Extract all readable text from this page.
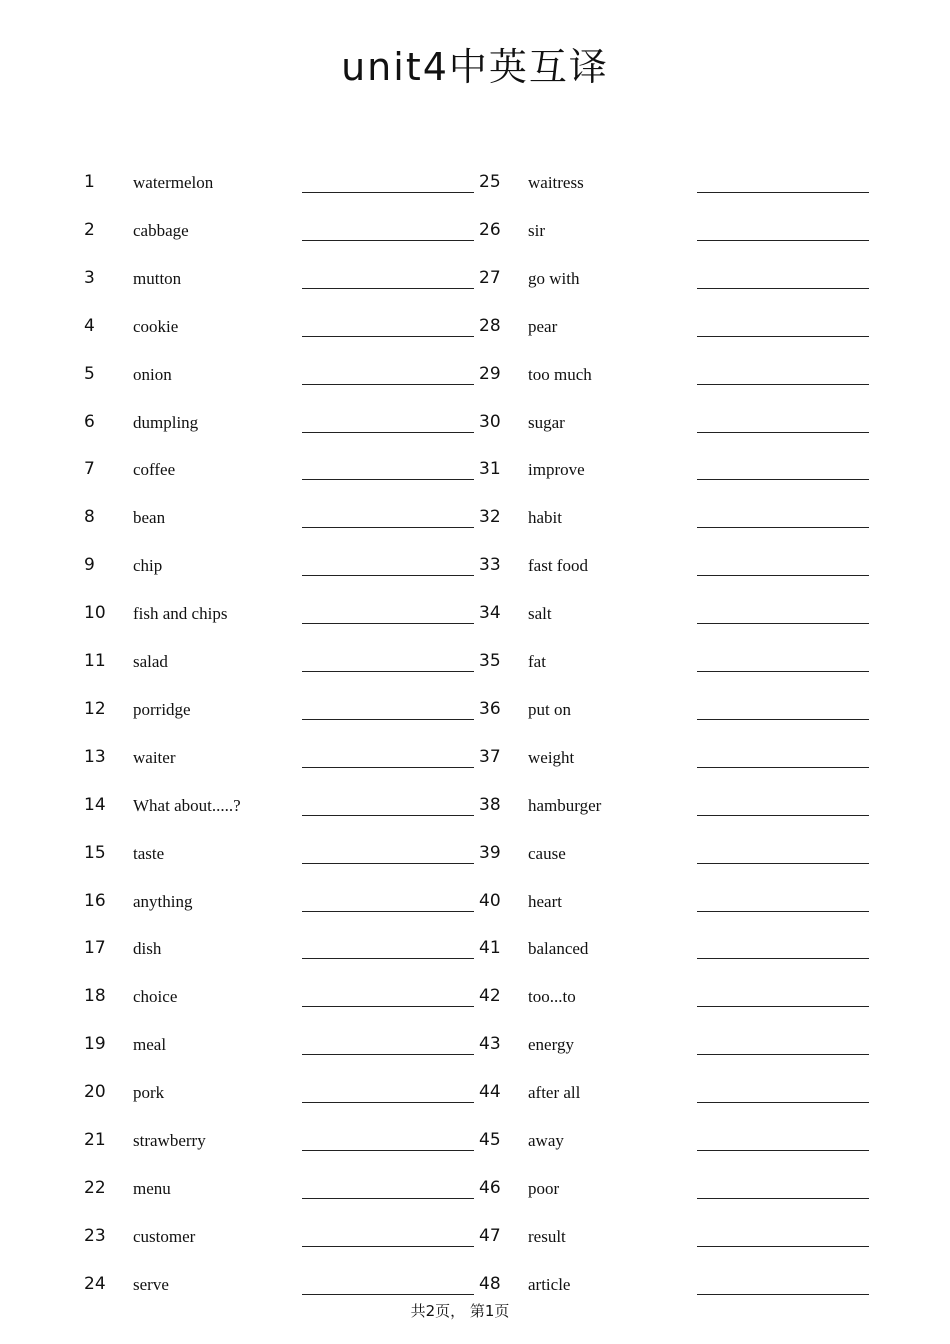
unit4中英互译
1 watermelon	25 waitress
2 cabbage	26 sir
3 mutton	27 go with
4 cookie	28 pear
5 onion	29 too much
6 dumpling	30 sugar
7 coffee	31 improve
8 bean	32 habit
9 chip	33 fast food
10 fish and chips	34 salt
11 salad	35 fat
12 porridge	36 put on
13 waiter	37 weight
14 What about.....?	38 hamburger
15 taste	39 cause
16 anything	40 heart
17 dish	41 balanced
18 choice	42 too...to
19 meal	43 energy
20 pork	44 after all
21 strawberry	45 away
22 menu	46 poor
23 customer	47 result
24 serve	48 article
共2页， 第1页
